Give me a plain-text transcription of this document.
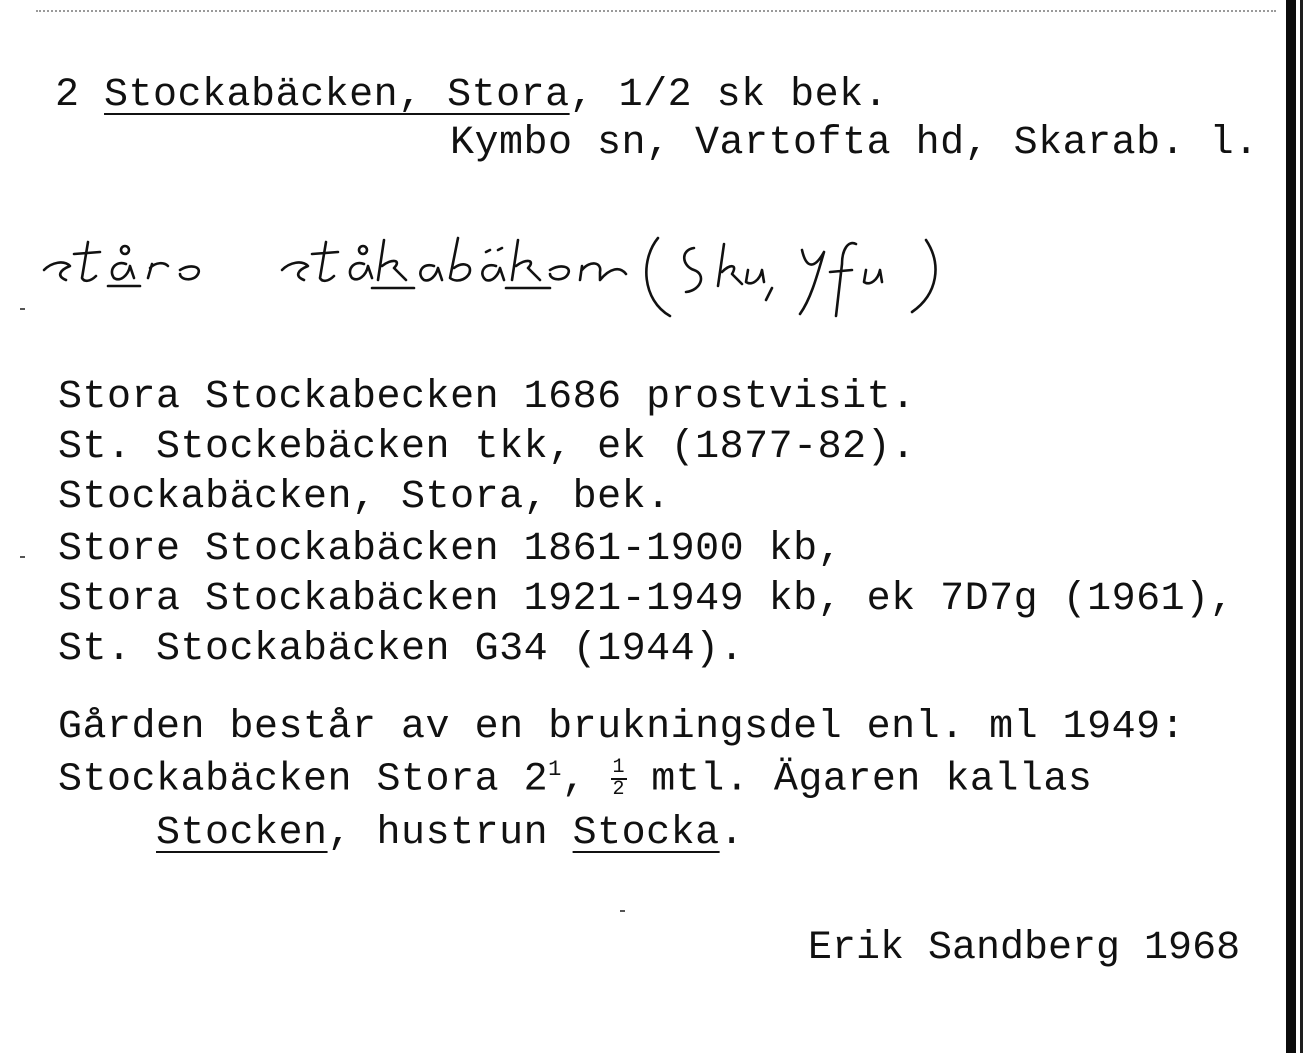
2 Stockabäcken, Stora, 1/2 sk bek.

Kymbo sn, Vartofta hd, Skarab. l.

stårə ståkabäkən (Sku. Yfu)

Stora Stockabecken 1686 prostvisit.

St. Stockebäcken tkk, ek (1877-82).

Stockabäcken, Stora, bek.

Store Stockabäcken 1861-1900 kb,

Stora Stockabäcken 1921-1949 kb, ek 7D7g (1961),

St. Stockabäcken G34 (1944).

Gården består av en brukningsdel enl. ml 1949:

Stockabäcken Stora $2^1$, $\frac{1}{2}$ mtl. Ägaren kallas

Stocken, hustrun Stocka.

Erik Sandberg 1968
